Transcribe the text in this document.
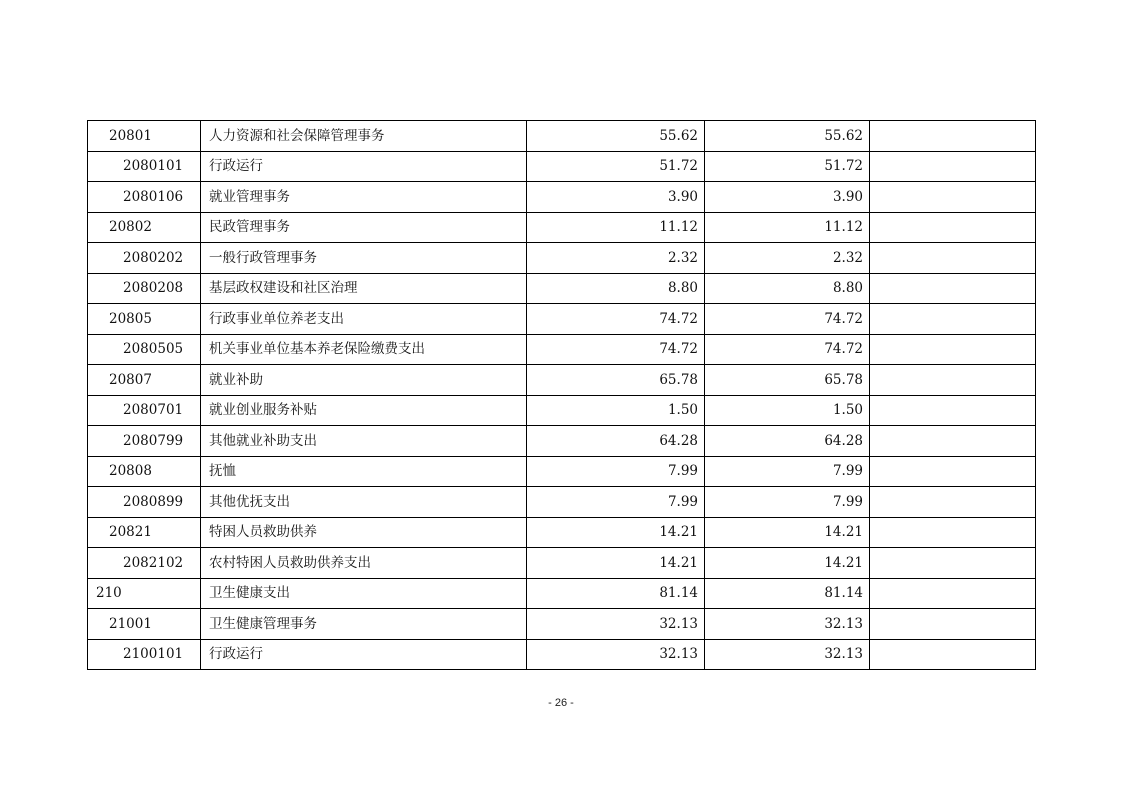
20801	人力资源和社会保障管理事务	55.62	55.62	
2080101	行政运行	51.72	51.72	
2080106	就业管理事务	3.90	3.90	
20802	民政管理事务	11.12	11.12	
2080202	一般行政管理事务	2.32	2.32	
2080208	基层政权建设和社区治理	8.80	8.80	
20805	行政事业单位养老支出	74.72	74.72	
2080505	机关事业单位基本养老保险缴费支出	74.72	74.72	
20807	就业补助	65.78	65.78	
2080701	就业创业服务补贴	1.50	1.50	
2080799	其他就业补助支出	64.28	64.28	
20808	抚恤	7.99	7.99	
2080899	其他优抚支出	7.99	7.99	
20821	特困人员救助供养	14.21	14.21	
2082102	农村特困人员救助供养支出	14.21	14.21	
210	卫生健康支出	81.14	81.14	
21001	卫生健康管理事务	32.13	32.13	
2100101	行政运行	32.13	32.13	
- 26 -
